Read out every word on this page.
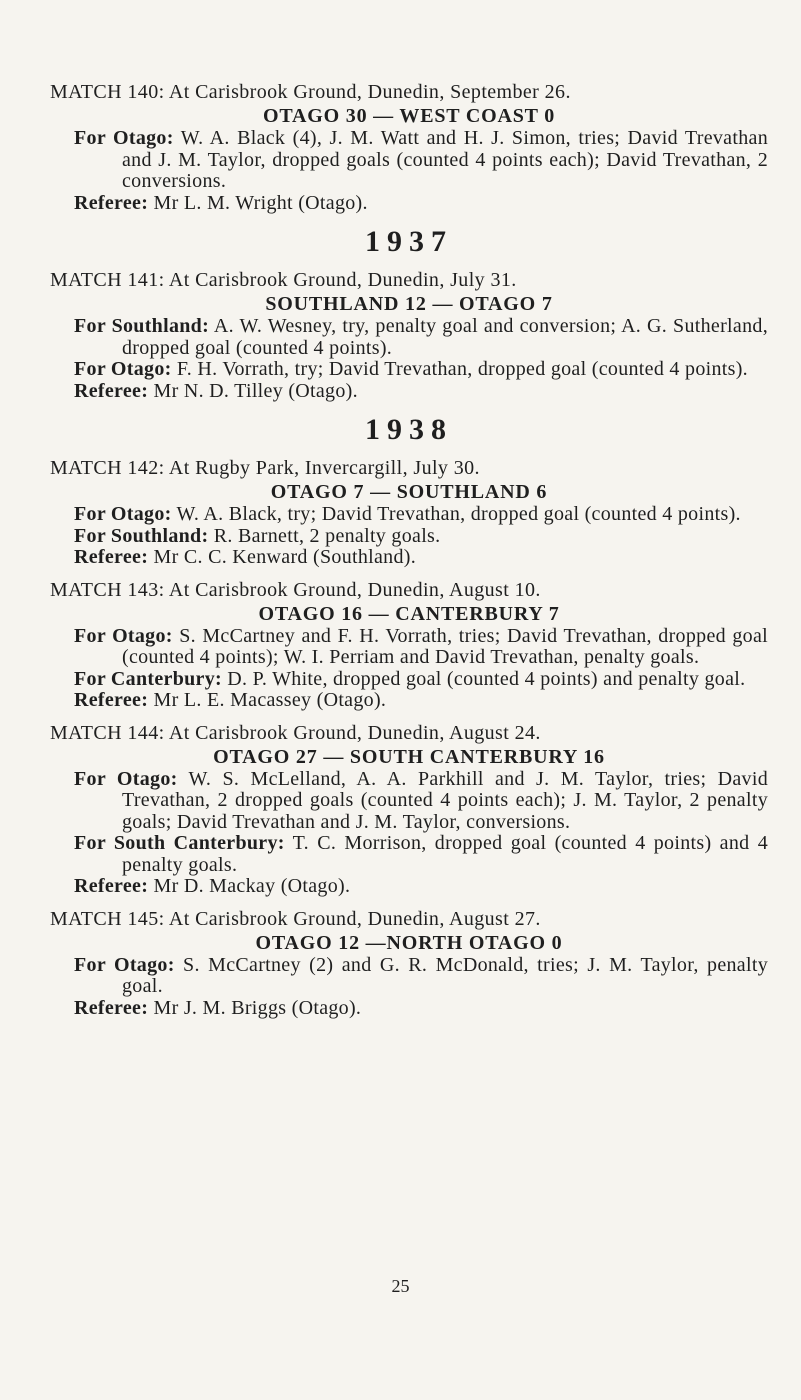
MATCH 140: At Carisbrook Ground, Dunedin, September 26.

OTAGO 30 — WEST COAST 0

For Otago: W. A. Black (4), J. M. Watt and H. J. Simon, tries; David Trevathan and J. M. Taylor, dropped goals (counted 4 points each); David Trevathan, 2 conversions.

Referee: Mr L. M. Wright (Otago).

1937

MATCH 141: At Carisbrook Ground, Dunedin, July 31.

SOUTHLAND 12 — OTAGO 7

For Southland: A. W. Wesney, try, penalty goal and conversion; A. G. Sutherland, dropped goal (counted 4 points).

For Otago: F. H. Vorrath, try; David Trevathan, dropped goal (counted 4 points).

Referee: Mr N. D. Tilley (Otago).

1938

MATCH 142: At Rugby Park, Invercargill, July 30.

OTAGO 7 — SOUTHLAND 6

For Otago: W. A. Black, try; David Trevathan, dropped goal (counted 4 points).

For Southland: R. Barnett, 2 penalty goals.

Referee: Mr C. C. Kenward (Southland).

MATCH 143: At Carisbrook Ground, Dunedin, August 10.

OTAGO 16 — CANTERBURY 7

For Otago: S. McCartney and F. H. Vorrath, tries; David Trevathan, dropped goal (counted 4 points); W. I. Perriam and David Trevathan, penalty goals.

For Canterbury: D. P. White, dropped goal (counted 4 points) and penalty goal.

Referee: Mr L. E. Macassey (Otago).

MATCH 144: At Carisbrook Ground, Dunedin, August 24.

OTAGO 27 — SOUTH CANTERBURY 16

For Otago: W. S. McLelland, A. A. Parkhill and J. M. Taylor, tries; David Trevathan, 2 dropped goals (counted 4 points each); J. M. Taylor, 2 penalty goals; David Trevathan and J. M. Taylor, conversions.

For South Canterbury: T. C. Morrison, dropped goal (counted 4 points) and 4 penalty goals.

Referee: Mr D. Mackay (Otago).

MATCH 145: At Carisbrook Ground, Dunedin, August 27.

OTAGO 12 —NORTH OTAGO 0

For Otago: S. McCartney (2) and G. R. McDonald, tries; J. M. Taylor, penalty goal.

Referee: Mr J. M. Briggs (Otago).

25
